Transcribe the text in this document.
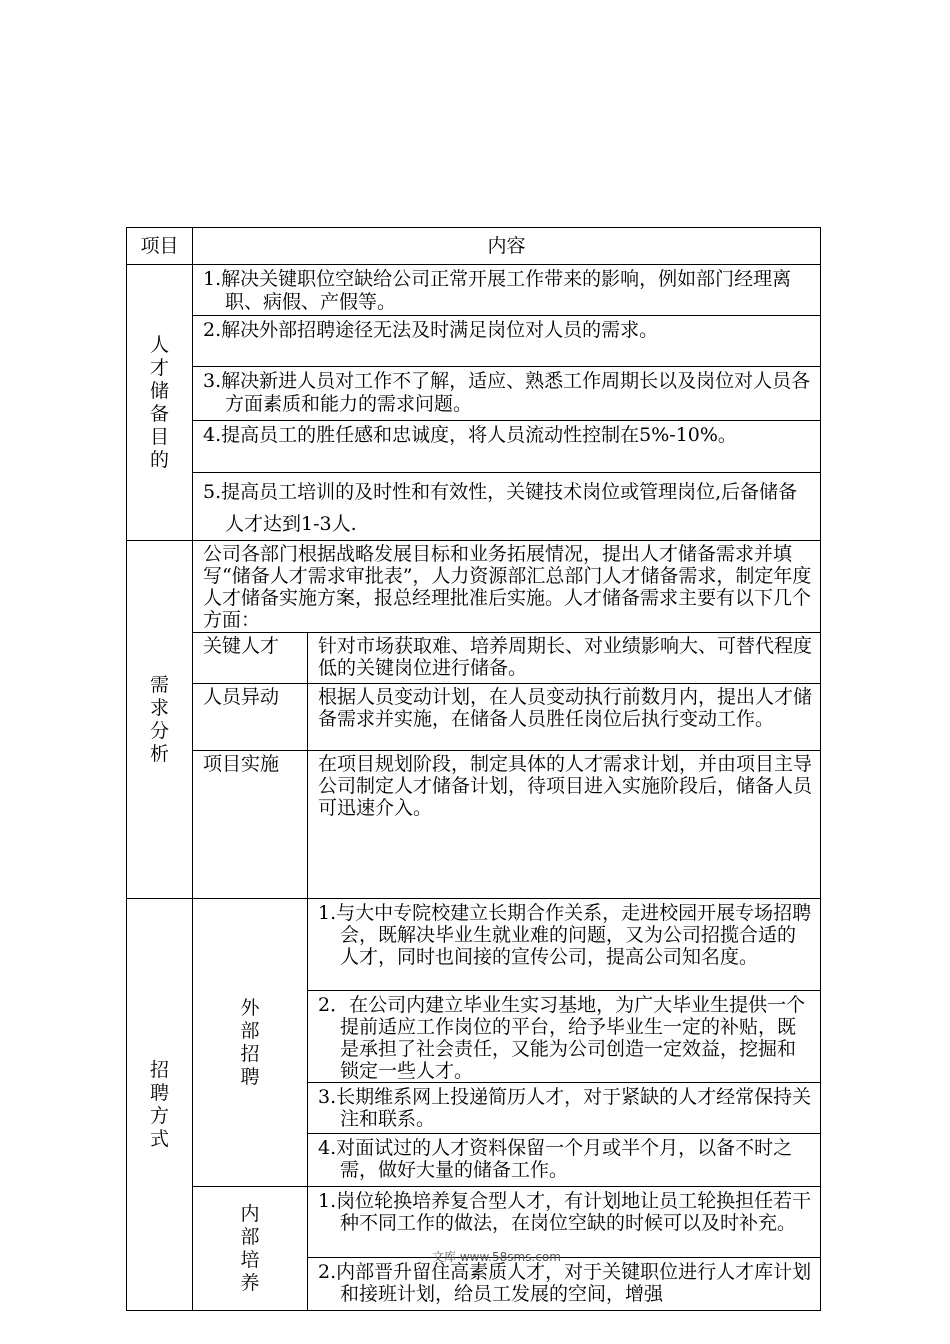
项目	内容	
人才储备目的	1.解决关键职位空缺给公司正常开展工作带来的影响，例如部门经理离职、病假、产假等。	

	2.解决外部招聘途径无法及时满足岗位对人员的需求。	

	3.解决新进人员对工作不了解，适应、熟悉工作周期长以及岗位对人员各方面素质和能力的需求问题。	

	4.提高员工的胜任感和忠诚度，将人员流动性控制在5%-10%。	

	5.提高员工培训的及时性和有效性，关键技术岗位或管理岗位,后备储备人才达到1-3人.	

需求分析	公司各部门根据战略发展目标和业务拓展情况，提出人才储备需求并填写“储备人才需求审批表”，人力资源部汇总部门人才储备需求，制定年度人才储备实施方案，报总经理批准后实施。人才储备需求主要有以下几个方面：	

	关键人才	针对市场获取难、培养周期长、对业绩影响大、可替代程度低的关键岗位进行储备。

	人员异动	根据人员变动计划，在人员变动执行前数月内，提出人才储备需求并实施，在储备人员胜任岗位后执行变动工作。

	项目实施	在项目规划阶段，制定具体的人才需求计划，并由项目主导公司制定人才储备计划，待项目进入实施阶段后，储备人员可迅速介入。

招聘方式	外部招聘	1.与大中专院校建立长期合作关系，走进校园开展专场招聘会，既解决毕业生就业难的问题，又为公司招揽合适的人才，同时也间接的宣传公司，提高公司知名度。

		2．在公司内建立毕业生实习基地，为广大毕业生提供一个提前适应工作岗位的平台，给予毕业生一定的补贴，既是承担了社会责任，又能为公司创造一定效益，挖掘和锁定一些人才。

		3.长期维系网上投递简历人才，对于紧缺的人才经常保持关注和联系。

		4.对面试过的人才资料保留一个月或半个月，以备不时之需，做好大量的储备工作。

	内部培养	1.岗位轮换培养复合型人才，有计划地让员工轮换担任若干种不同工作的做法，在岗位空缺的时候可以及时补充。

		2.内部晋升留住高素质人才，对于关键职位进行人才库计划和接班计划，给员工发展的空间，增强
文库 www.58sms.com
